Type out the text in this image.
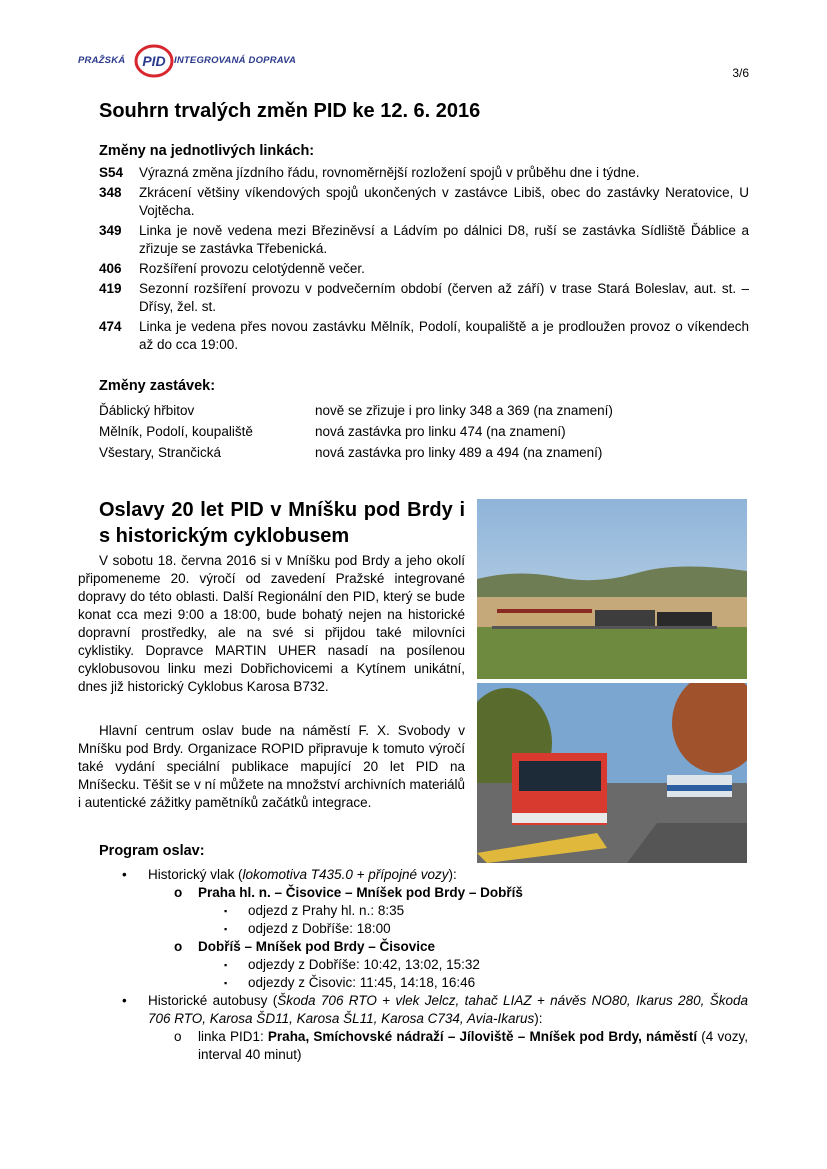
PRAŽSKÁ PID INTEGROVANÁ DOPRAVA
3/6
Souhrn trvalých změn PID ke 12. 6. 2016
Změny na jednotlivých linkách:
S54	Výrazná změna jízdního řádu, rovnoměrnější rozložení spojů v průběhu dne i týdne.
348	Zkrácení většiny víkendových spojů ukončených v zastávce Libiš, obec do zastávky Neratovice, U Vojtěcha.
349	Linka je nově vedena mezi Březiněvsí a Ládvím po dálnici D8, ruší se zastávka Sídliště Ďáblice a zřizuje se zastávka Třebenická.
406	Rozšíření provozu celotýdenně večer.
419	Sezonní rozšíření provozu v podvečerním období (červen až září) v trase Stará Boleslav, aut. st. – Dřísy, žel. st.
474	Linka je vedena přes novou zastávku Mělník, Podolí, koupaliště a je prodloužen provoz o víkendech až do cca 19:00.
Změny zastávek:
Ďáblický hřbitov	nově se zřizuje i pro linky 348 a 369 (na znamení)
Mělník, Podolí, koupaliště	nová zastávka pro linku 474 (na znamení)
Všestary, Strančická	nová zastávka pro linky 489 a 494 (na znamení)
Oslavy 20 let PID v Mníšku pod Brdy i s historickým cyklobusem

V sobotu 18. června 2016 si v Mníšku pod Brdy a jeho okolí připomeneme 20. výročí od zavedení Pražské integrované dopravy do této oblasti. Další Regionální den PID, který se bude konat cca mezi 9:00 a 18:00, bude bohatý nejen na historické dopravní prostředky, ale na své si přijdou také milovníci cyklistiky. Dopravce MARTIN UHER nasadí na posílenou cyklobusovou linku mezi Dobřichovicemi a Kytínem unikátní, dnes již historický Cyklobus Karosa B732.

Hlavní centrum oslav bude na náměstí F. X. Svobody v Mníšku pod Brdy. Organizace ROPID připravuje k tomuto výročí také vydání speciální publikace mapující 20 let PID na Mníšecku. Těšit se v ní můžete na množství archivních materiálů i autentické zážitky pamětníků začátků integrace.

Program oslav:
• Historický vlak (lokomotiva T435.0 + přípojné vozy):
o Praha hl. n. – Čisovice – Mníšek pod Brdy – Dobříš
▪ odjezd z Prahy hl. n.: 8:35
▪ odjezd z Dobříše: 18:00
o Dobříš – Mníšek pod Brdy – Čisovice
▪ odjezdy z Dobříše: 10:42, 13:02, 15:32
▪ odjezdy z Čisovic: 11:45, 14:18, 16:46
• Historické autobusy (Škoda 706 RTO + vlek Jelcz, tahač LIAZ + návěs NO80, Ikarus 280, Škoda 706 RTO, Karosa ŠD11, Karosa ŠL11, Karosa C734, Avia-Ikarus):
o linka PID1: Praha, Smíchovské nádraží – Jíloviště – Mníšek pod Brdy, náměstí (4 vozy, interval 40 minut)
